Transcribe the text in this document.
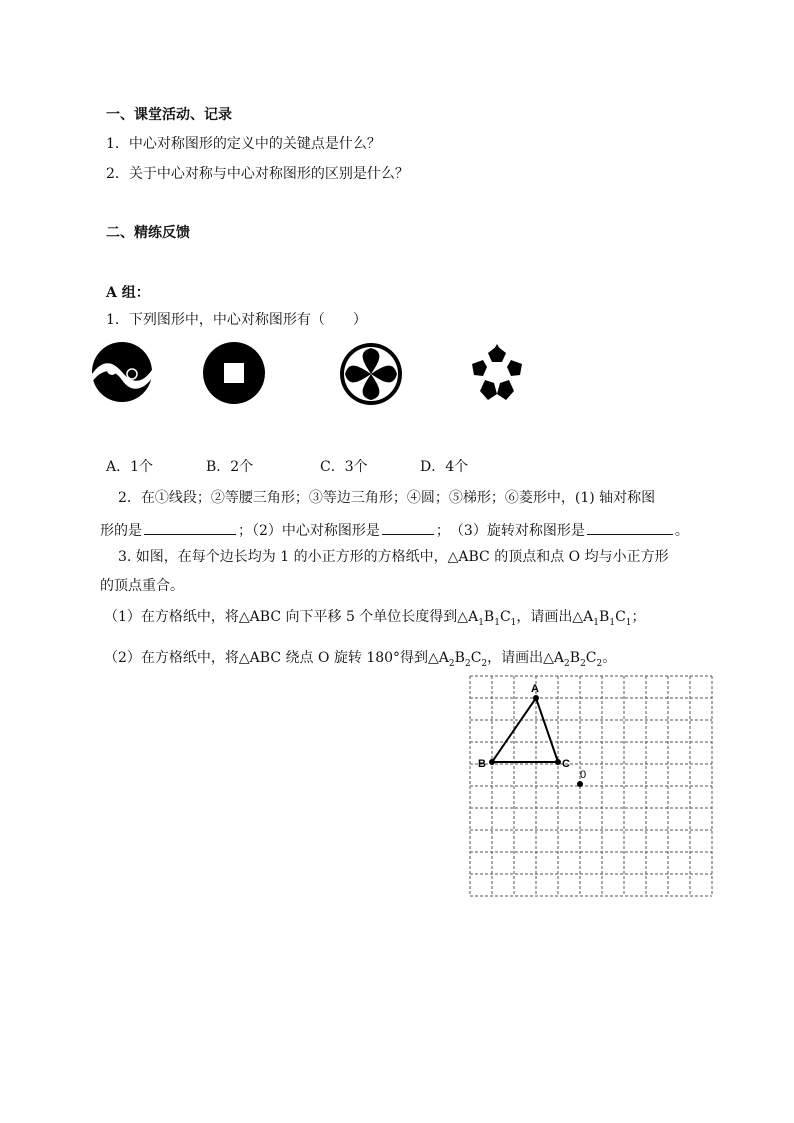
一、课堂活动、记录
1．中心对称图形的定义中的关键点是什么？
2．关于中心对称与中心对称图形的区别是什么？
二、精练反馈
A 组：
1．下列图形中，中心对称图形有（　　）
A．1个	B．2个	C．3个	D．4个
2．在①线段；②等腰三角形；③等边三角形；④圆；⑤梯形；⑥菱形中，(1) 轴对称图
形的是	；（2）中心对称图形是	；　（3）旋转对称图形是	。
3. 如图，在每个边长均为 1 的小正方形的方格纸中，△ABC 的顶点和点 O 均与小正方形
的顶点重合。
（1）在方格纸中，将△ABC 向下平移 5 个单位长度得到$\triangle A_1B_1C_1$，请画出$\triangle A_1B_1C_1$；
（2）在方格纸中，将△ABC 绕点 O 旋转 180°得到$\triangle A_2B_2C_2$，请画出$\triangle A_2B_2C_2$。
A
B	C
0
